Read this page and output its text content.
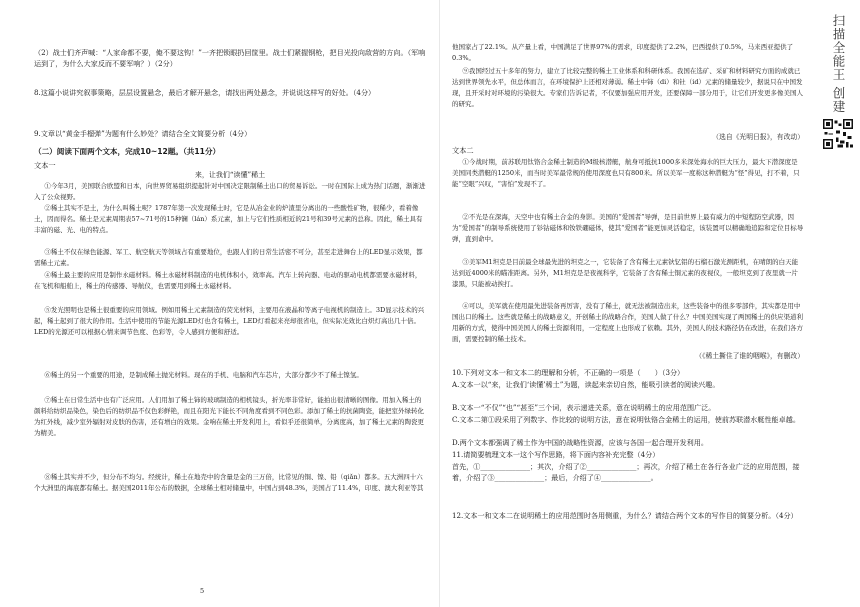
（2）战士们齐声喊：“人家命都不要，俺不要这钩！”一齐把锁眼扔回筐里。战士们紧握钢枪，把目光投向敌营的方向。（军响运到了，为什么大家反而不要军响？）（2分）

8.这篇小说讲究叙事策略，层层设置悬念，最后才解开悬念，请找出两处悬念，并说说这样写的好处。（4分）

9.文章以“黄金手榴弹”为题有什么妙处？请结合全文简要分析（4分）

（二）阅读下面两个文本，完成10~12题。（共11分）

文本一

来，让我们“读懂”稀土

①今年3月，美国联合欧盟和日本，向世界贸易组织提起针对中国决定限制稀土出口的贸易诉讼。一时在国际上成为热门话题，渐渐进入了公众视野。

②稀土其实不是土，为什么叫稀土呢？1787年第一次发现稀土时，它是从冶金业的炉渣里分离出的一些酸性矿物，很稀少，看着像土，因而得名。稀土是元素周期表57~71号的15种镧（lán）系元素，加上与它们性质相近的21号和39号元素的总称。因此，稀土具有丰富的磁、光、电的特点。

③稀土不仅在绿色能源、军工、航空航天等领域占有重要地位，也跟人们的日常生活密不可分，甚至走进舞台上的LED显示效果，都需稀土元素。

④稀土最主要的应用是制作永磁材料。稀土永磁材料制造的电机体积小，效率高。汽车上转向器、电动的驱动电机都需要永磁材料，在飞机和船舶上，稀土的传感器、导航仪，也需要用到稀土永磁材料。

⑤发光照明也是稀土很重要的应用领域。例如用稀土元素制造的荧光材料，主要用在液晶和等离子电视机的制造上。3D显示技术的兴起，稀土起到了很大的作用。生活中使用的节能光源LED灯也含有稀土，LED灯看起来亮却很省电，但实际光效比白炽灯高出几十倍。LED的光源还可以根据心情来调节色度、色彩等，令人感到方便和舒适。

⑥稀土的另一个重要的用途，是制成稀土抛光材料。现在的手机、电脑和汽车芯片，大部分都少不了稀土镍氢。

⑦稀土在日常生活中也有广泛应用。人们用加了稀土铈的玻璃制造的相机镜头，折光率非常好，能拍出很清晰的图像。用加入稀土的颜料给纺织品染色，染色后的纺织品不仅色彩鲜艳，而且在阳光下能长不同角度看到不同色彩。添加了稀土的抗菌陶瓷，能把室外绿转化为红外线，减少室外辐射对皮肤的伤害，还有增白的效果。金响在稀土开发利用上，看似乎还很简单，分离度高，加了稀土元素的陶瓷更为精美。

⑧稀土其实并不少，但分布不均匀。经统计，稀土在地壳中的含量是金的三万倍，比常见的铜、镍、铅（qiǎn）都多。五大洲四十六个大洲里的海底都有稀土。据美国2011年公布的数据，全球稀土相对储量中，中国占到48.3%，美国占了11.4%，印度、澳大利亚等其

5

他国家占了22.1%。从产量上看，中国满足了世界97%的需求，印度提供了2.2%，巴西提供了0.5%，马来西亚提供了0.3%。

⑨我国经过五十多年的努力，建立了比较完整的稀土工业体系和科研体系。我国在选矿、采矿和材料研究方面的成就已达到世界领先水平，但总体而言，在环境保护上还相对薄弱。稀土中铈（di）和钍（id）元素的储量较少，据说只在中国发现，且开采时对环境的污染很大。专家们告诉记者，不仅要加强应用开发，还要保障一部分用于，让它们开发更多像美国人的研究。

（选自《光明日报》，有改动）

文本二

①今战时期，前苏联用钛铬合金稀土制造的M级核潜艇，航身可抵抗1000多米深处海水的巨大压力，最大下潜深度是美国同类潜艇的1250米，而当时美军最常规的使用深度也只有800米。所以美军一度称这种潜艇为“怪”得见，打不着，只能“空眼”兴叹，“害怕”发现不了。

②不光是在深海，天空中也有稀土合金的身影。美国的“爱国者”导弹，是目前世界上最有威力的中短程防空武器，因为“爱国者”的制导系统使用了钐钴磁体和钕铁硼磁体，使其“爱国者”能更加灵活稳定，该装置可以精确地追踪和定位目标导弹，直到命中。

③美军M1坦克是目前最全球最先进的坦克之一，它装备了含有稀土元素钬钇铝的石榴石激光测距机，在晴朗的白天能达到近4000米的瞄准距离。另外，M1坦克是是夜视科学，它装备了含有稀土铜元素的夜视仪，一般坦克到了夜里就一片漆黑，只能被动挨打。

④可以，美军就在使用最先进装备再厉害，没有了稀土，就无法被制造出来，这些装备中的很多零部件，其实都是用中国出口的稀土。这些就是稀土的战略意义，开创稀土的战略合作，美国人做了什么？中国美国实现了两国稀土的供应渠道利用新的方式，使得中国美国人的稀土资源利用，一定程度上也形成了依赖。其外，美国人的技术路径仍在改进，在我们各方面，需要控制的稀土技术。

（《稀土撕住了谁的咽喉》，有删改）

10.下列对文本一和文本二的理解和分析，不正确的一项是（　　）（3分）

A.文本一以“来，让我们‘读懂’稀土”为题，读起来亲切自然，能吸引读者的阅读兴趣。

B.文本一“不仅”“也”“甚至”三个词，表示递进关系，意在说明稀土的应用范围广泛。

C.文本二第①段采用了列数字、作比较的说明方法，意在说明钛铬合金稀土的运用，使前苏联潜水艇性能卓越。

D.两个文本都强调了稀土作为中国的战略性资源，应该与各国一起合理开发利用。

11.请简要梳理文本一这个写作思路，将下面内容补充完整（4分）

首先，①______________；其次，介绍了②______________；再次，介绍了稀土在各行各业广泛的应用范围，接着，介绍了③______________；最后，介绍了④______________。

12.文本一和文本二在说明稀土的应用范围时各用侧重，为什么？请结合两个文本的写作目的简要分析。（4分）

扫描全能王 创建
